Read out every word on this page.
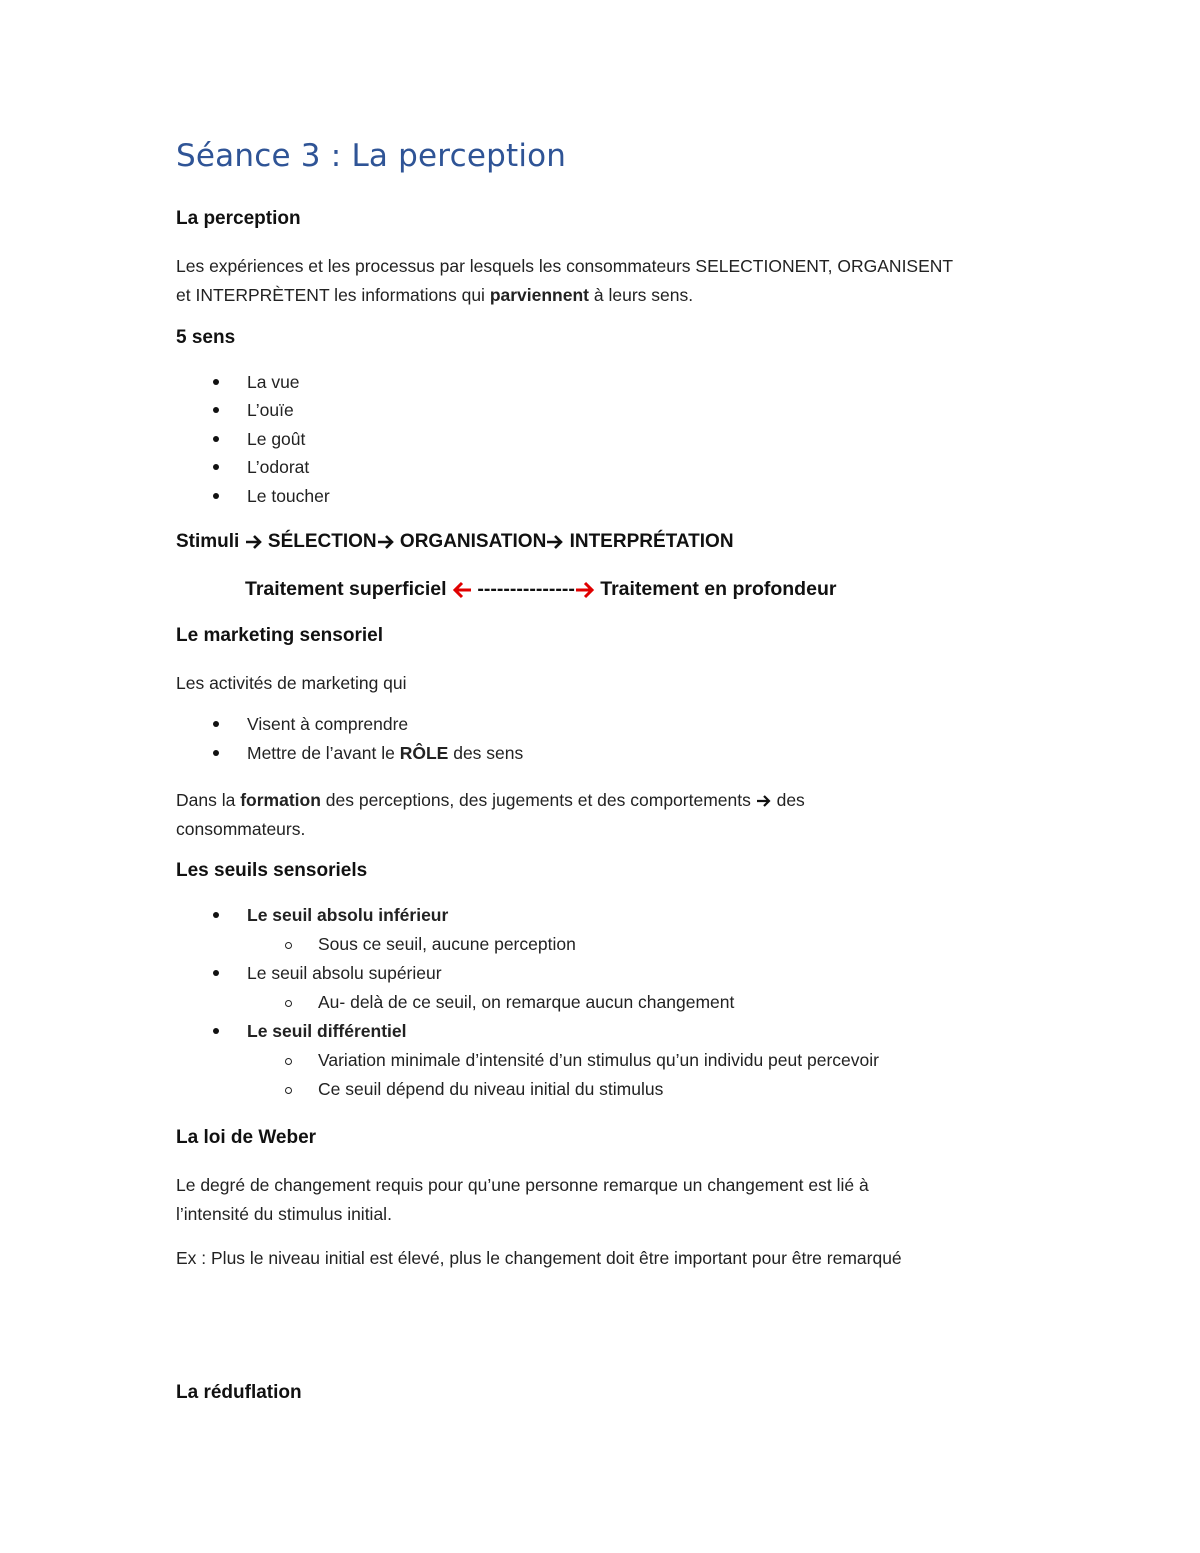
Séance 3 : La perception
La perception
Les expériences et les processus par lesquels les consommateurs SELECTIONENT, ORGANISENT
et INTERPRÈTENT les informations qui parviennent à leurs sens.
5 sens
La vue
L’ouïe
Le goût
L’odorat
Le toucher
Stimuli SÉLECTION ORGANISATION INTERPRÉTATION
Traitement superficiel --------------- Traitement en profondeur
Le marketing sensoriel
Les activités de marketing qui
Visent à comprendre
Mettre de l’avant le RÔLE des sens
Dans la formation des perceptions, des jugements et des comportements  des
consommateurs.
Les seuils sensoriels
Le seuil absolu inférieur
Sous ce seuil, aucune perception
Le seuil absolu supérieur
Au- delà de ce seuil, on remarque aucun changement
Le seuil différentiel
Variation minimale d’intensité d’un stimulus qu’un individu peut percevoir
Ce seuil dépend du niveau initial du stimulus
La loi de Weber
Le degré de changement requis pour qu’une personne remarque un changement est lié à
l’intensité du stimulus initial.
Ex : Plus le niveau initial est élevé, plus le changement doit être important pour être remarqué
La réduflation
